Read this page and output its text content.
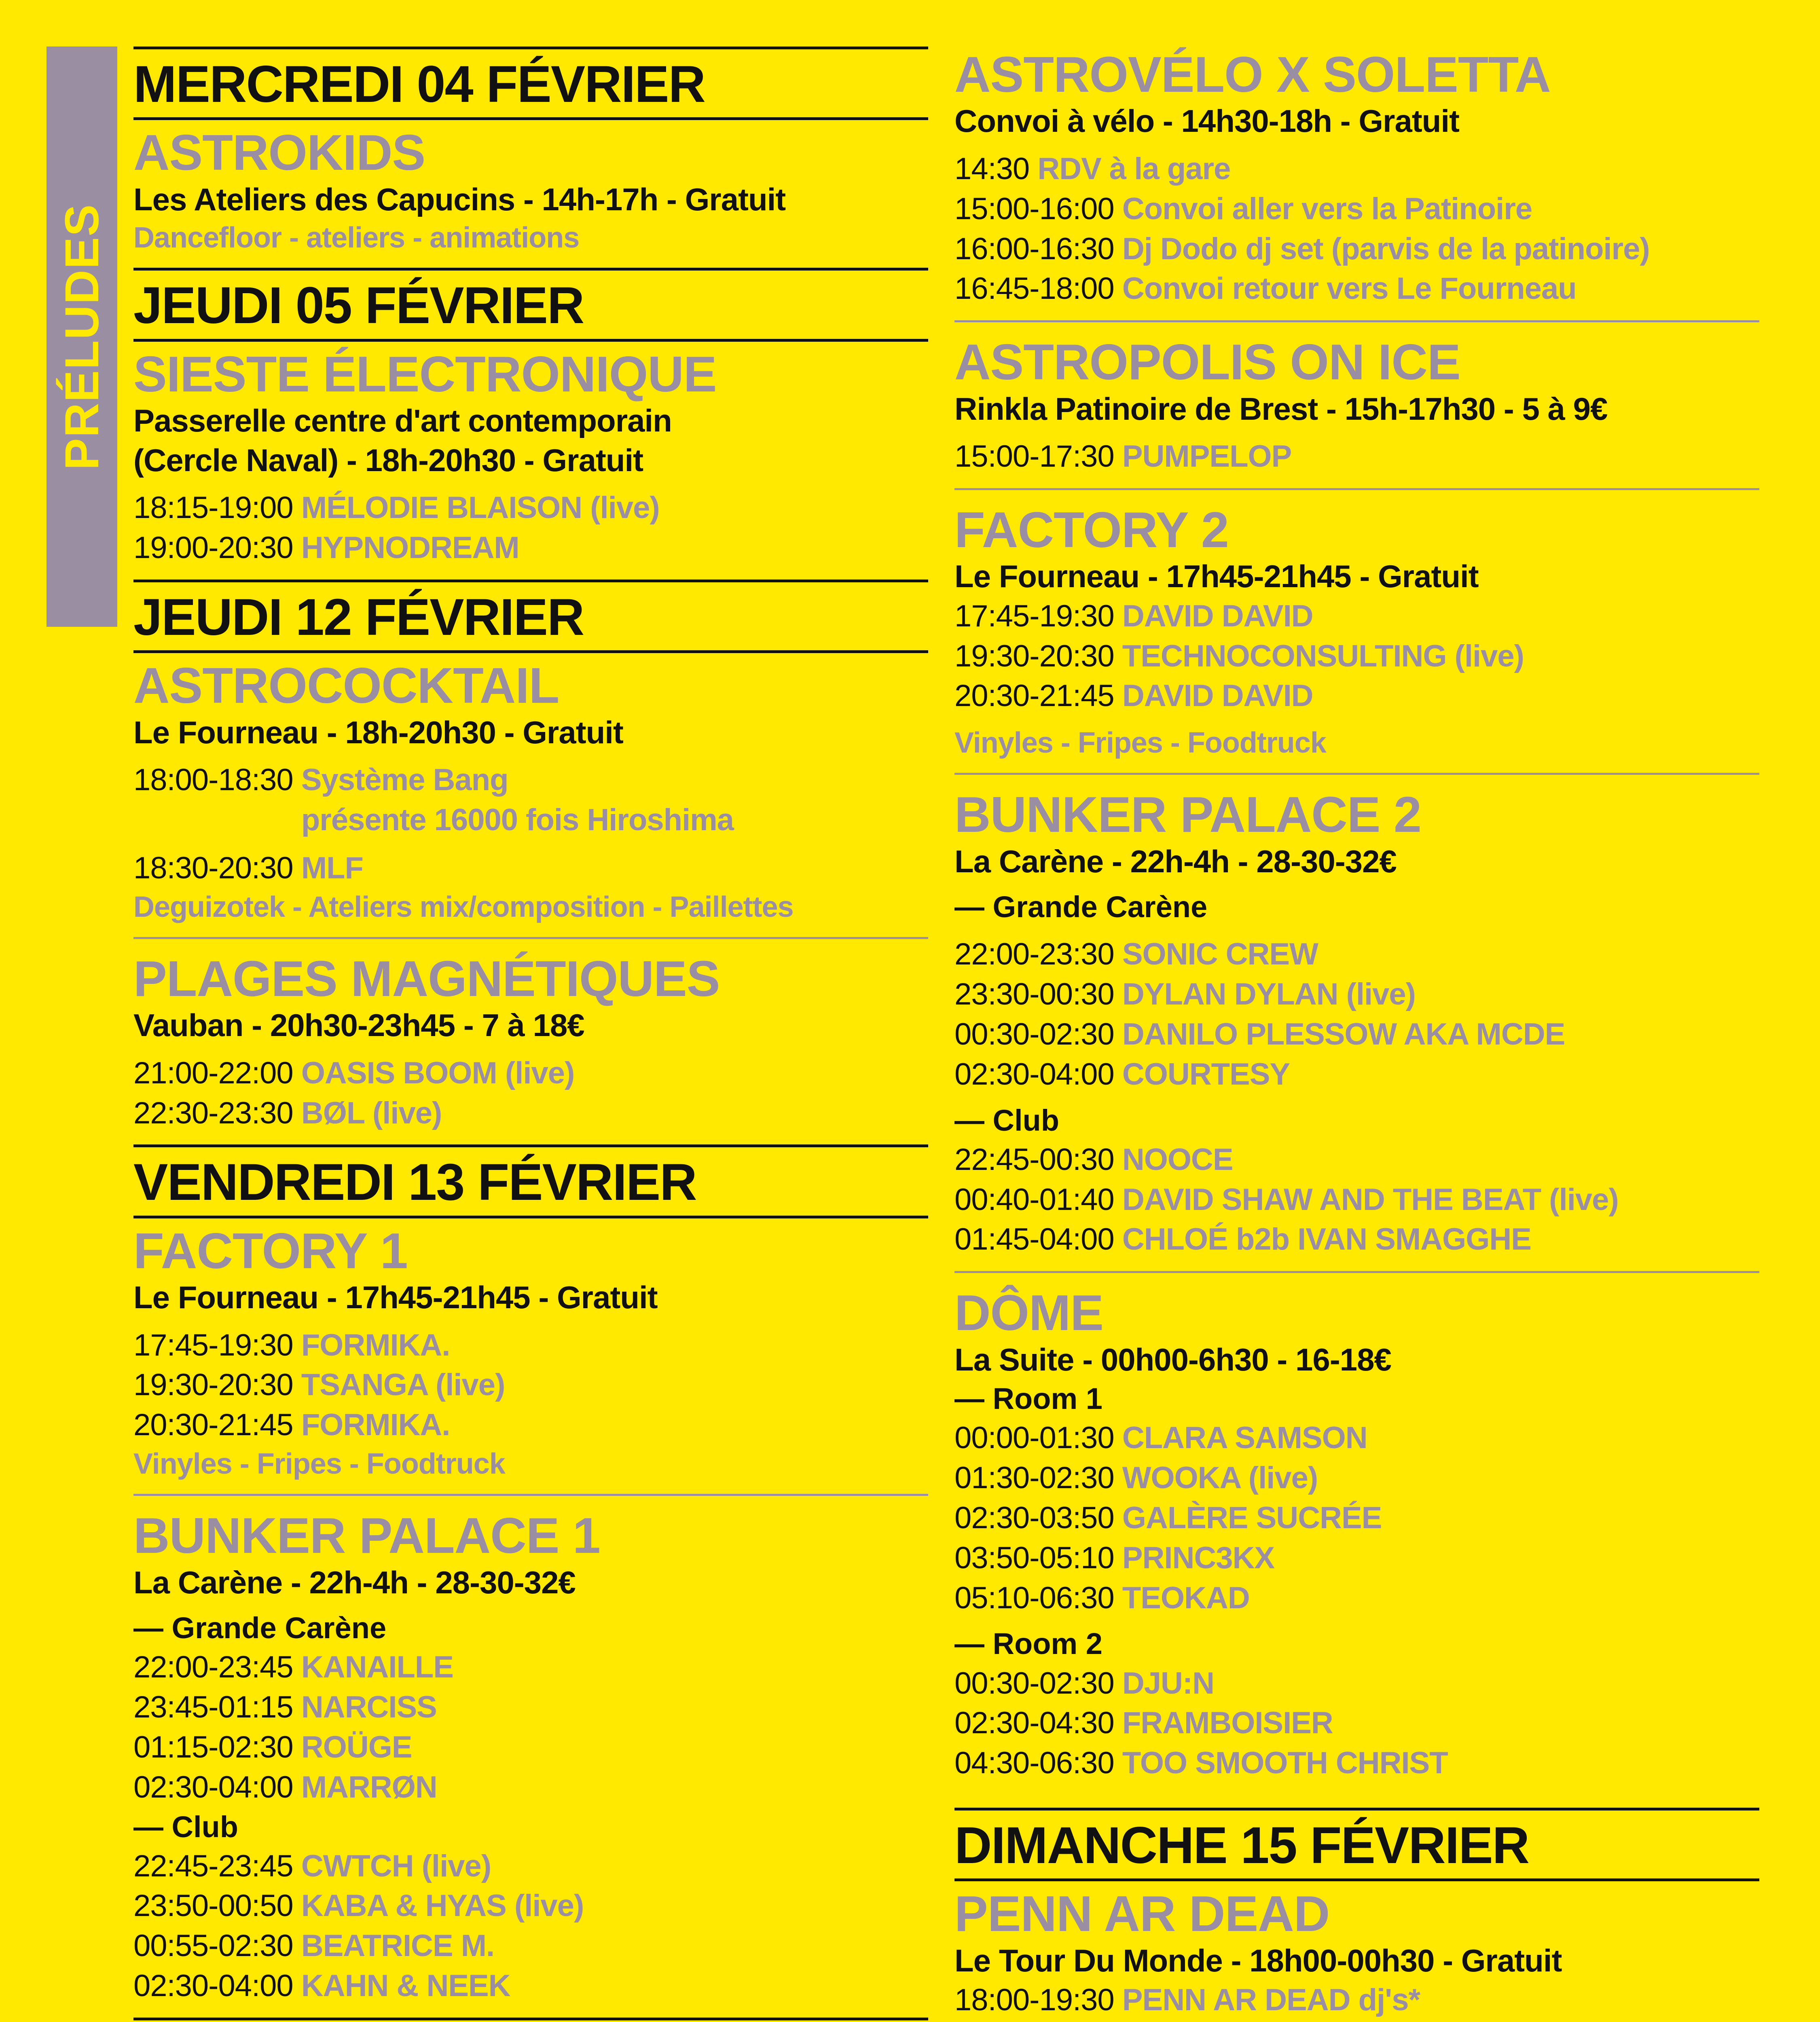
PRÉLUDES
MERCREDI 04 FÉVRIER
ASTROKIDS
Les Ateliers des Capucins - 14h-17h - Gratuit
Dancefloor - ateliers - animations
JEUDI 05 FÉVRIER
SIESTE ÉLECTRONIQUE
Passerelle centre d'art contemporain
(Cercle Naval) - 18h-20h30 - Gratuit
18:15-19:00 MÉLODIE BLAISON (live)
19:00-20:30 HYPNODREAM
JEUDI 12 FÉVRIER
ASTROCOCKTAIL
Le Fourneau - 18h-20h30 - Gratuit
18:00-18:30
Système Bang
présente 16000 fois Hiroshima
18:30-20:30 MLF
Deguizotek - Ateliers mix/composition - Paillettes
PLAGES MAGNÉTIQUES
Vauban - 20h30-23h45 - 7 à 18€
21:00-22:00 OASIS BOOM (live)
22:30-23:30 BØL (live)
VENDREDI 13 FÉVRIER
FACTORY 1
Le Fourneau - 17h45-21h45 - Gratuit
17:45-19:30 FORMIKA.
19:30-20:30 TSANGA (live)
20:30-21:45 FORMIKA.
Vinyles - Fripes - Foodtruck
BUNKER PALACE 1
La Carène - 22h-4h - 28-30-32€
— Grande Carène
22:00-23:45 KANAILLE
23:45-01:15 NARCISS
01:15-02:30 ROÜGE
02:30-04:00 MARRØN
— Club
22:45-23:45 CWTCH (live)
23:50-00:50 KABA & HYAS (live)
00:55-02:30 BEATRICE M.
02:30-04:00 KAHN & NEEK
ASTROVÉLO X SOLETTA
Convoi à vélo - 14h30-18h - Gratuit
14:30 RDV à la gare
15:00-16:00 Convoi aller vers la Patinoire
16:00-16:30 Dj Dodo dj set (parvis de la patinoire)
16:45-18:00 Convoi retour vers Le Fourneau
ASTROPOLIS ON ICE
Rinkla Patinoire de Brest - 15h-17h30 - 5 à 9€
15:00-17:30 PUMPELOP
FACTORY 2
Le Fourneau - 17h45-21h45 - Gratuit
17:45-19:30 DAVID DAVID
19:30-20:30 TECHNOCONSULTING (live)
20:30-21:45 DAVID DAVID
Vinyles - Fripes - Foodtruck
BUNKER PALACE 2
La Carène - 22h-4h - 28-30-32€
— Grande Carène
22:00-23:30 SONIC CREW
23:30-00:30 DYLAN DYLAN (live)
00:30-02:30 DANILO PLESSOW AKA MCDE
02:30-04:00 COURTESY
— Club
22:45-00:30 NOOCE
00:40-01:40 DAVID SHAW AND THE BEAT (live)
01:45-04:00 CHLOÉ b2b IVAN SMAGGHE
DÔME
La Suite - 00h00-6h30 - 16-18€
— Room 1
00:00-01:30 CLARA SAMSON
01:30-02:30 WOOKA (live)
02:30-03:50 GALÈRE SUCRÉE
03:50-05:10 PRINC3KX
05:10-06:30 TEOKAD
— Room 2
00:30-02:30 DJU:N
02:30-04:30 FRAMBOISIER
04:30-06:30 TOO SMOOTH CHRIST
DIMANCHE 15 FÉVRIER
PENN AR DEAD
Le Tour Du Monde - 18h00-00h30 - Gratuit
18:00-19:30 PENN AR DEAD dj's*
